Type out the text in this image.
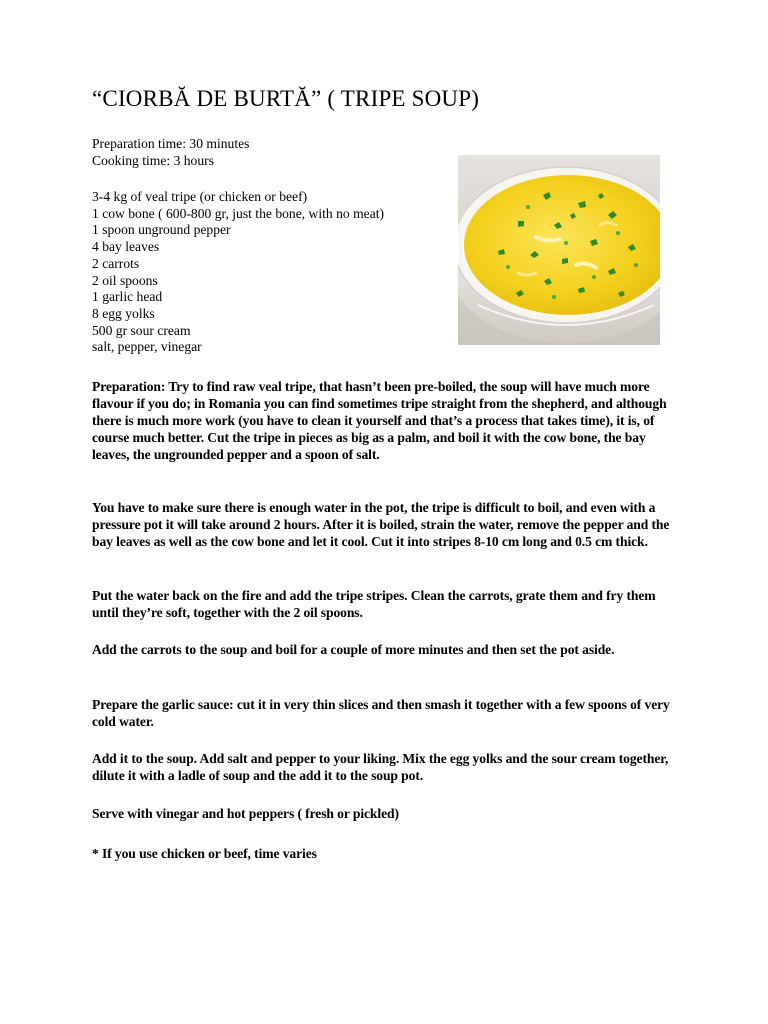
“CIORBĂ DE BURTĂ” ( TRIPE SOUP)
Preparation time: 30 minutes
Cooking time: 3 hours
3-4 kg of veal tripe (or chicken or beef)
1 cow bone ( 600-800 gr, just the bone, with no meat)
1 spoon unground pepper
4 bay leaves
2 carrots
2 oil spoons
1 garlic head
8 egg yolks
500 gr sour cream
salt, pepper, vinegar

Preparation: Try to find raw veal tripe, that hasn’t been pre-boiled, the soup will have much more flavour if you do; in Romania you can find sometimes tripe straight from the shepherd, and although there is much more work (you have to clean it yourself and that’s a process that takes time), it is, of course much better. Cut the tripe in pieces as big as a palm, and boil it with the cow bone, the bay leaves, the ungrounded pepper and a spoon of salt.

You have to make sure there is enough water in the pot, the tripe is difficult to boil, and even with a pressure pot it will take around 2 hours. After it is boiled, strain the water, remove the pepper and the bay leaves as well as the cow bone and let it cool. Cut it into stripes 8-10 cm long and 0.5 cm thick.

Put the water back on the fire and add the tripe stripes. Clean the carrots, grate them and fry them until they’re soft, together with the 2 oil spoons.

Add the carrots to the soup and boil for a couple of more minutes and then set the pot aside.

Prepare the garlic sauce: cut it in very thin slices and then smash it together with a few spoons of very cold water.

Add it to the soup. Add salt and pepper to your liking. Mix the egg yolks and the sour cream together, dilute it with a ladle of soup and the add it to the soup pot.

Serve with vinegar and hot peppers ( fresh or pickled)

* If you use chicken or beef, time varies
